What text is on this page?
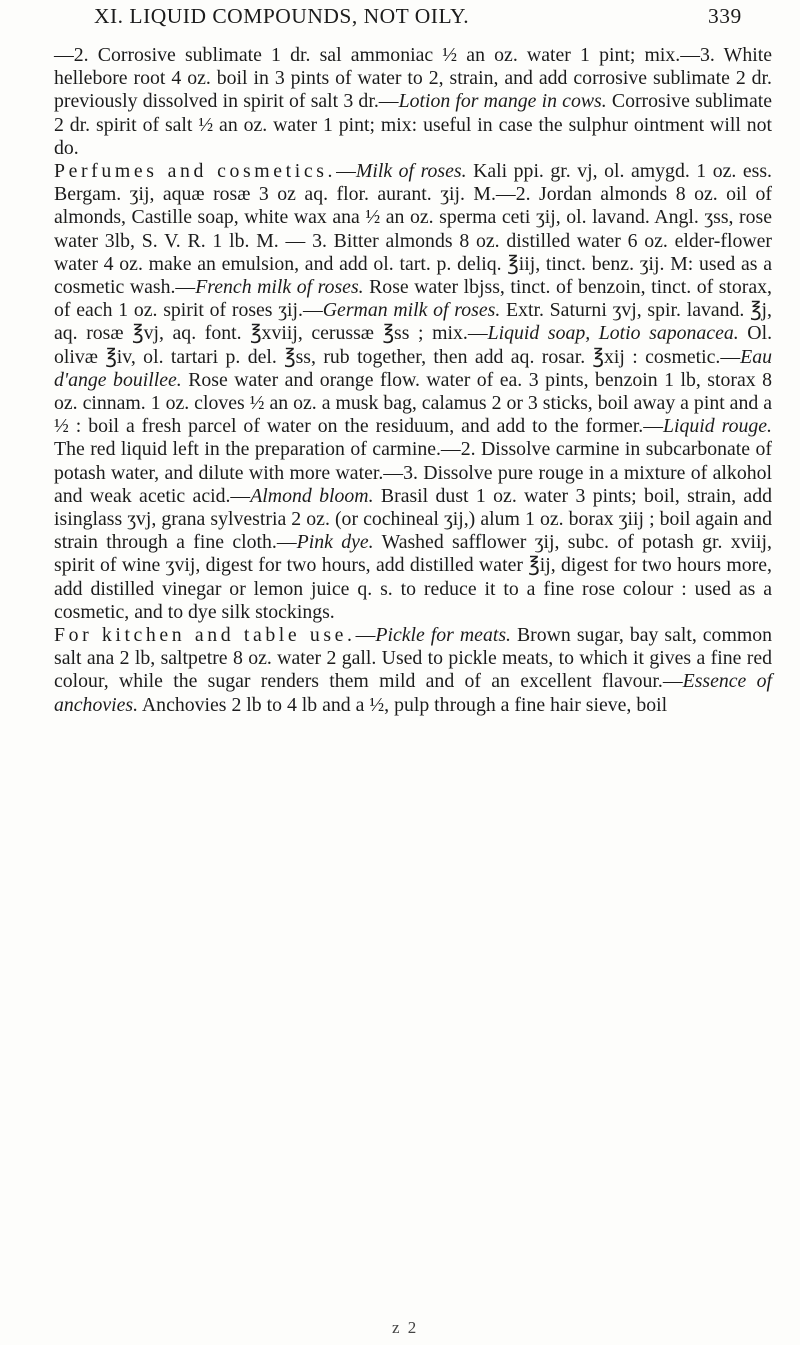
XI. LIQUID COMPOUNDS, NOT OILY.	339

—2. Corrosive sublimate 1 dr. sal ammoniac ½ an oz. water 1 pint; mix.—3. White hellebore root 4 oz. boil in 3 pints of water to 2, strain, and add corrosive sublimate 2 dr. previously dissolved in spirit of salt 3 dr.—Lotion for mange in cows. Corrosive sublimate 2 dr. spirit of salt ½ an oz. water 1 pint; mix: useful in case the sulphur ointment will not do.
Perfumes and cosmetics.—Milk of roses. Kali ppi. gr. vj, ol. amygd. 1 oz. ess. Bergam. ʒij, aquæ rosæ 3 oz aq. flor. aurant. ʒij. M.—2. Jordan almonds 8 oz. oil of almonds, Castille soap, white wax ana ½ an oz. sperma ceti ʒij, ol. lavand. Angl. ʒss, rose water 3lb, S. V. R. 1 lb. M. — 3. Bitter almonds 8 oz. distilled water 6 oz. elder-flower water 4 oz. make an emulsion, and add ol. tart. p. deliq. ℥iij, tinct. benz. ʒij. M: used as a cosmetic wash.—French milk of roses. Rose water lbjss, tinct. of benzoin, tinct. of storax, of each 1 oz. spirit of roses ʒij.—German milk of roses. Extr. Saturni ʒvj, spir. lavand. ℥j, aq. rosæ ℥vj, aq. font. ℥xviij, cerussæ ℥ss ; mix.—Liquid soap, Lotio saponacea. Ol. olivæ ℥iv, ol. tartari p. del. ℥ss, rub together, then add aq. rosar. ℥xij : cosmetic.—Eau d'ange bouillee. Rose water and orange flow. water of ea. 3 pints, benzoin 1 lb, storax 8 oz. cinnam. 1 oz. cloves ½ an oz. a musk bag, calamus 2 or 3 sticks, boil away a pint and a ½ : boil a fresh parcel of water on the residuum, and add to the former.—Liquid rouge. The red liquid left in the preparation of carmine.—2. Dissolve carmine in subcarbonate of potash water, and dilute with more water.—3. Dissolve pure rouge in a mixture of alkohol and weak acetic acid.—Almond bloom. Brasil dust 1 oz. water 3 pints; boil, strain, add isinglass ʒvj, grana sylvestria 2 oz. (or cochineal ʒij,) alum 1 oz. borax ʒiij ; boil again and strain through a fine cloth.—Pink dye. Washed safflower ʒij, subc. of potash gr. xviij, spirit of wine ʒvij, digest for two hours, add distilled water ℥ij, digest for two hours more, add distilled vinegar or lemon juice q. s. to reduce it to a fine rose colour : used as a cosmetic, and to dye silk stockings.
For kitchen and table use.—Pickle for meats. Brown sugar, bay salt, common salt ana 2 lb, saltpetre 8 oz. water 2 gall. Used to pickle meats, to which it gives a fine red colour, while the sugar renders them mild and of an excellent flavour.—Essence of anchovies. Anchovies 2 lb to 4 lb and a ½, pulp through a fine hair sieve, boil

z 2
